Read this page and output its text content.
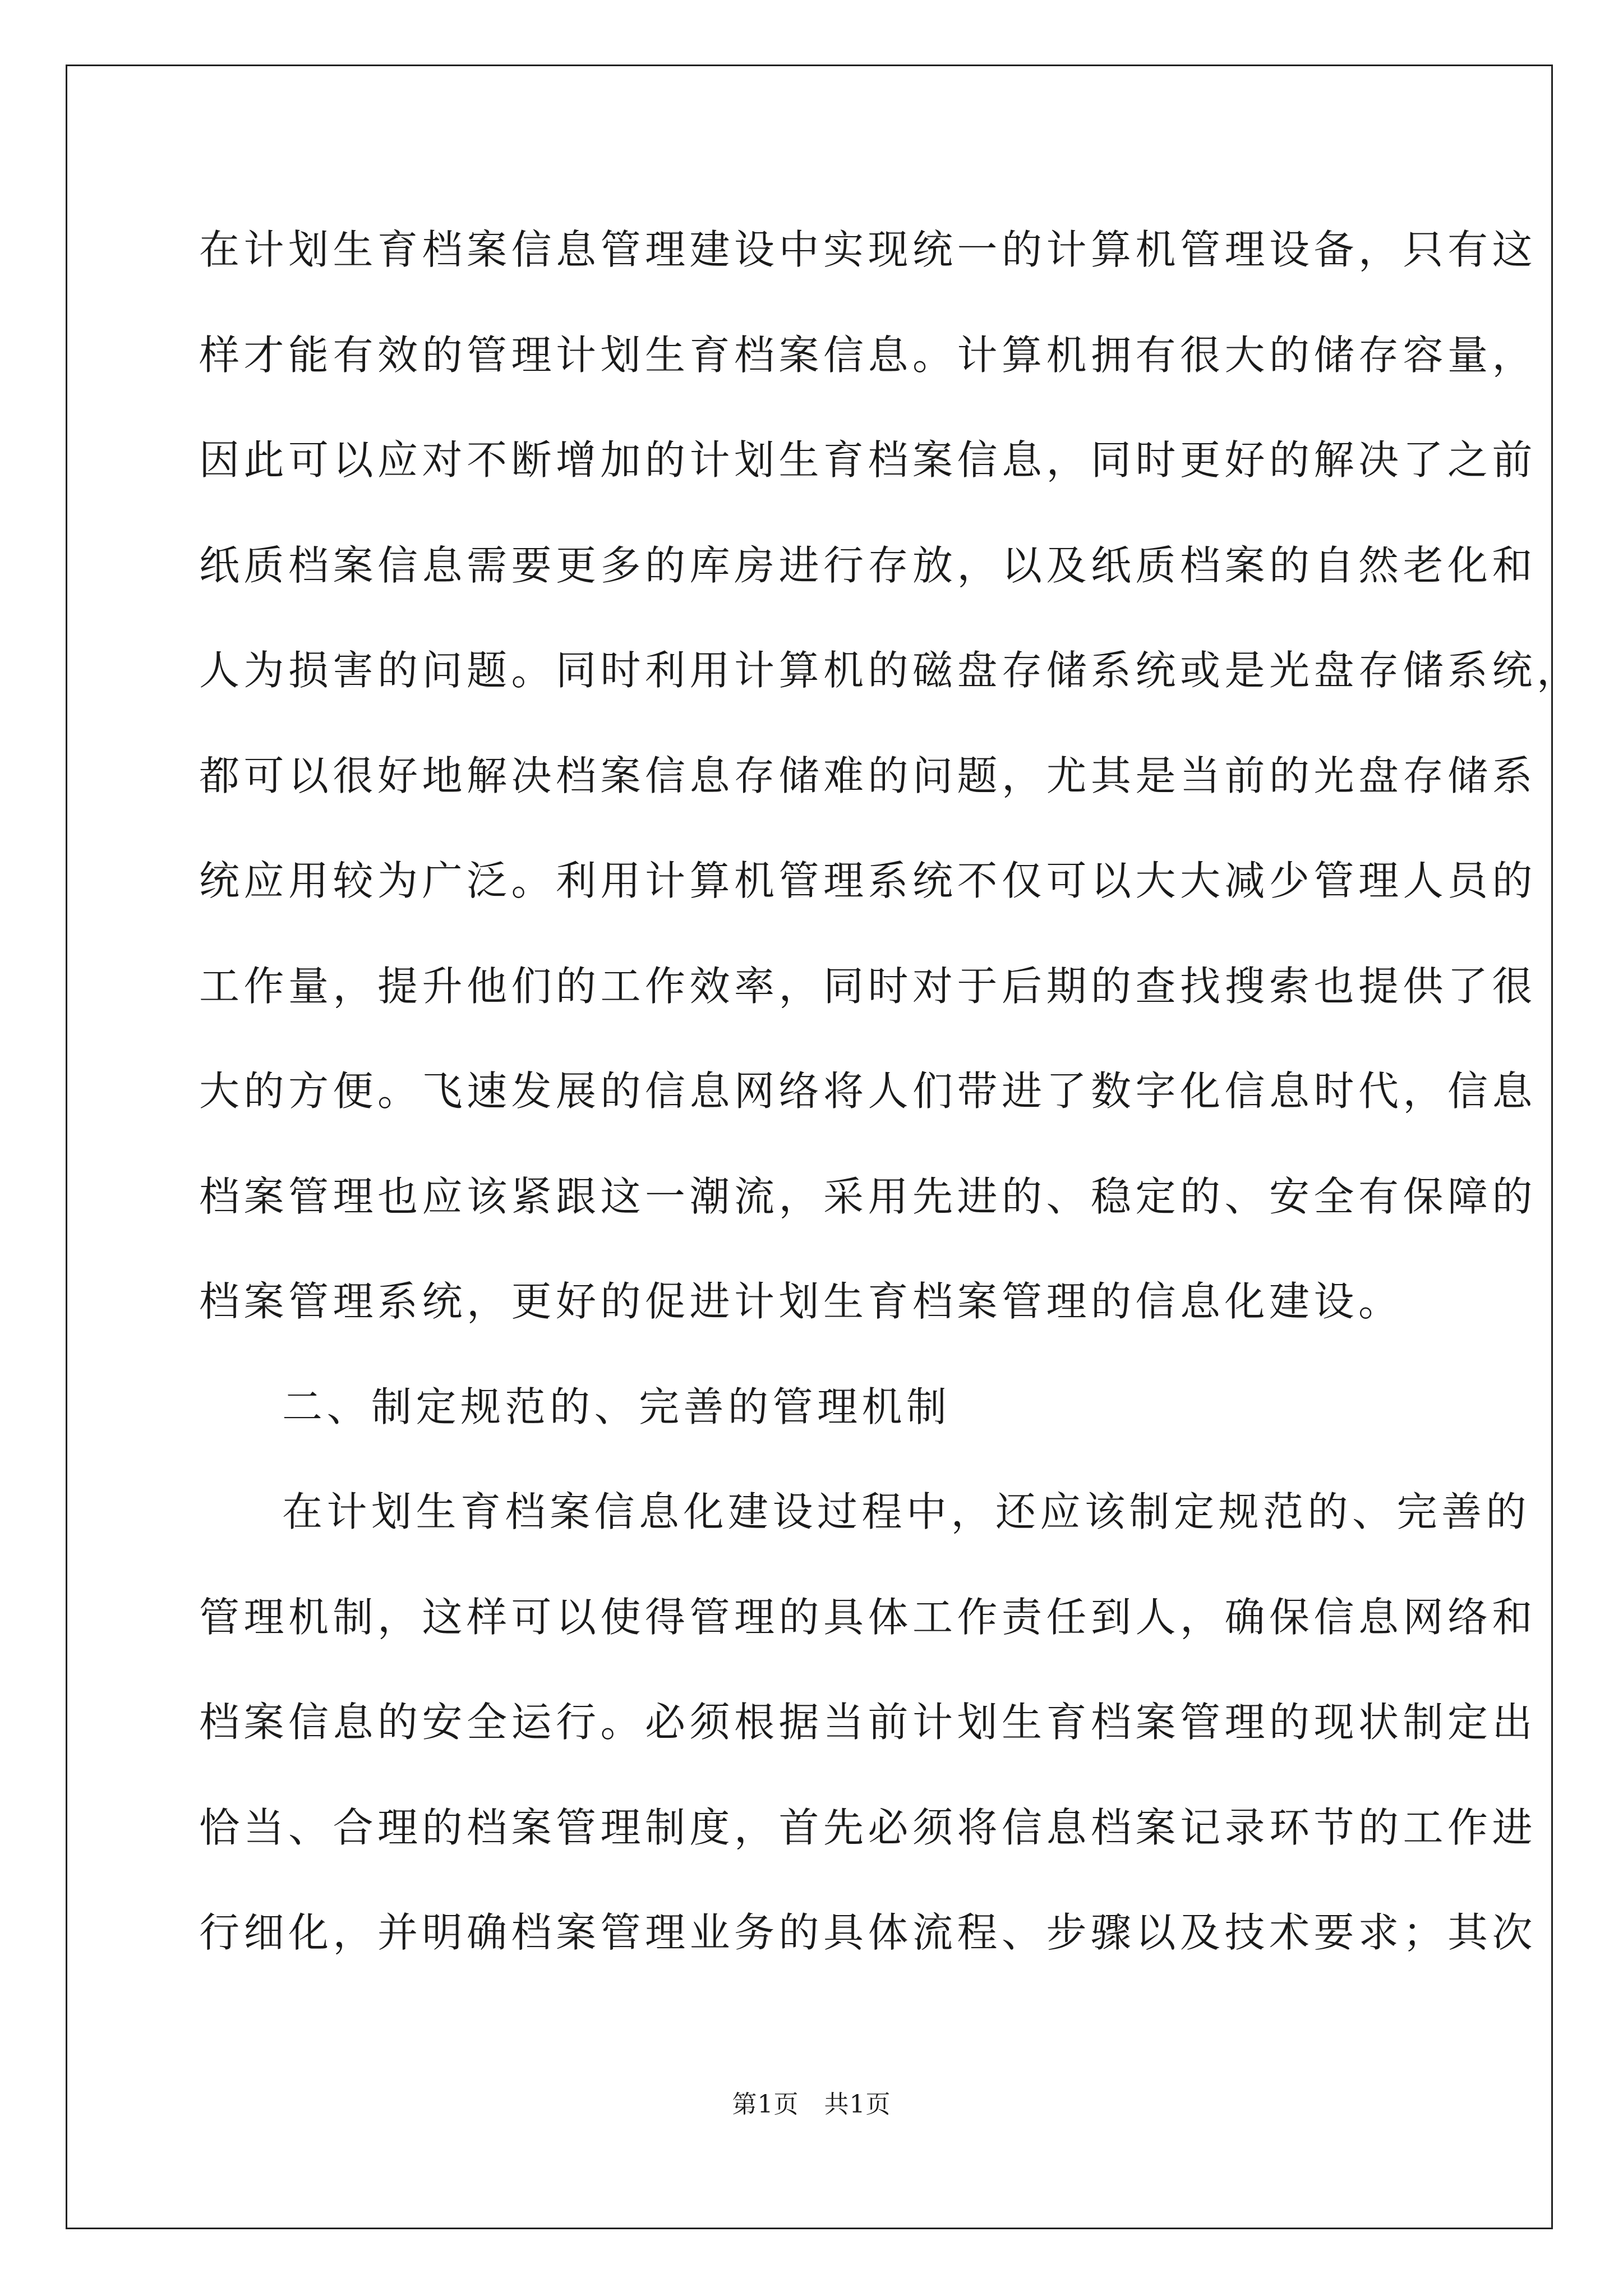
在计划生育档案信息管理建设中实现统一的计算机管理设备，只有这
样才能有效的管理计划生育档案信息。计算机拥有很大的储存容量，
因此可以应对不断增加的计划生育档案信息，同时更好的解决了之前
纸质档案信息需要更多的库房进行存放，以及纸质档案的自然老化和
人为损害的问题。同时利用计算机的磁盘存储系统或是光盘存储系统，
都可以很好地解决档案信息存储难的问题，尤其是当前的光盘存储系
统应用较为广泛。利用计算机管理系统不仅可以大大减少管理人员的
工作量，提升他们的工作效率，同时对于后期的查找搜索也提供了很
大的方便。飞速发展的信息网络将人们带进了数字化信息时代，信息
档案管理也应该紧跟这一潮流，采用先进的、稳定的、安全有保障的
档案管理系统，更好的促进计划生育档案管理的信息化建设。
二、制定规范的、完善的管理机制
在计划生育档案信息化建设过程中，还应该制定规范的、完善的
管理机制，这样可以使得管理的具体工作责任到人，确保信息网络和
档案信息的安全运行。必须根据当前计划生育档案管理的现状制定出
恰当、合理的档案管理制度，首先必须将信息档案记录环节的工作进
行细化，并明确档案管理业务的具体流程、步骤以及技术要求；其次
第1页　共1页
